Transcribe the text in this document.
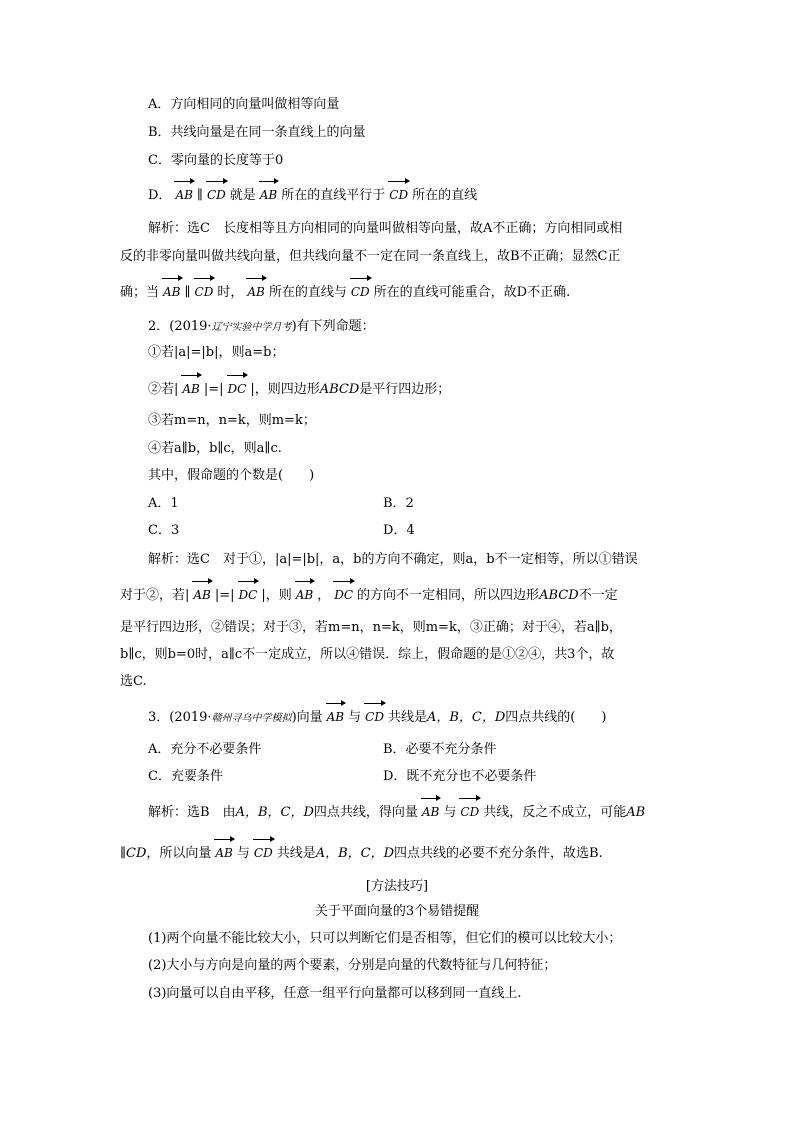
A．方向相同的向量叫做相等向量
B．共线向量是在同一条直线上的向量
C．零向量的长度等于0
D． AB ∥ CD 就是 AB 所在的直线平行于 CD 所在的直线
解析：选C　长度相等且方向相同的向量叫做相等向量，故A不正确；方向相同或相
反的非零向量叫做共线向量，但共线向量不一定在同一条直线上，故B不正确；显然C正
确；当 AB ∥ CD 时， AB 所在的直线与 CD 所在的直线可能重合，故D不正确.
2．(2019·辽宁实验中学月考)有下列命题：
①若|a|=|b|，则a=b；
②若| AB |=| DC |，则四边形ABCD是平行四边形；
③若m=n，n=k，则m=k；
④若a∥b，b∥c，则a∥c.
其中，假命题的个数是(　　)
A．1	B．2
C．3	D．4
解析：选C　对于①，|a|=|b|，a，b的方向不确定，则a，b不一定相等，所以①错误
对于②，若| AB |=| DC |，则 AB ， DC 的方向不一定相同，所以四边形ABCD不一定
是平行四边形，②错误；对于③，若m=n，n=k，则m=k，③正确；对于④，若a∥b，
b∥c，则b=0时，a∥c不一定成立，所以④错误．综上，假命题的是①②④，共3个，故
选C.
3．(2019·赣州寻乌中学模拟)向量 AB 与 CD 共线是A，B，C，D四点共线的(　　)
A．充分不必要条件	B．必要不充分条件
C．充要条件	D．既不充分也不必要条件
解析：选B　由A，B，C，D四点共线，得向量 AB 与 CD 共线，反之不成立，可能AB
∥CD，所以向量 AB 与 CD 共线是A，B，C，D四点共线的必要不充分条件，故选B.
[方法技巧]
关于平面向量的3个易错提醒
(1)两个向量不能比较大小，只可以判断它们是否相等，但它们的模可以比较大小；
(2)大小与方向是向量的两个要素，分别是向量的代数特征与几何特征；
(3)向量可以自由平移，任意一组平行向量都可以移到同一直线上.
